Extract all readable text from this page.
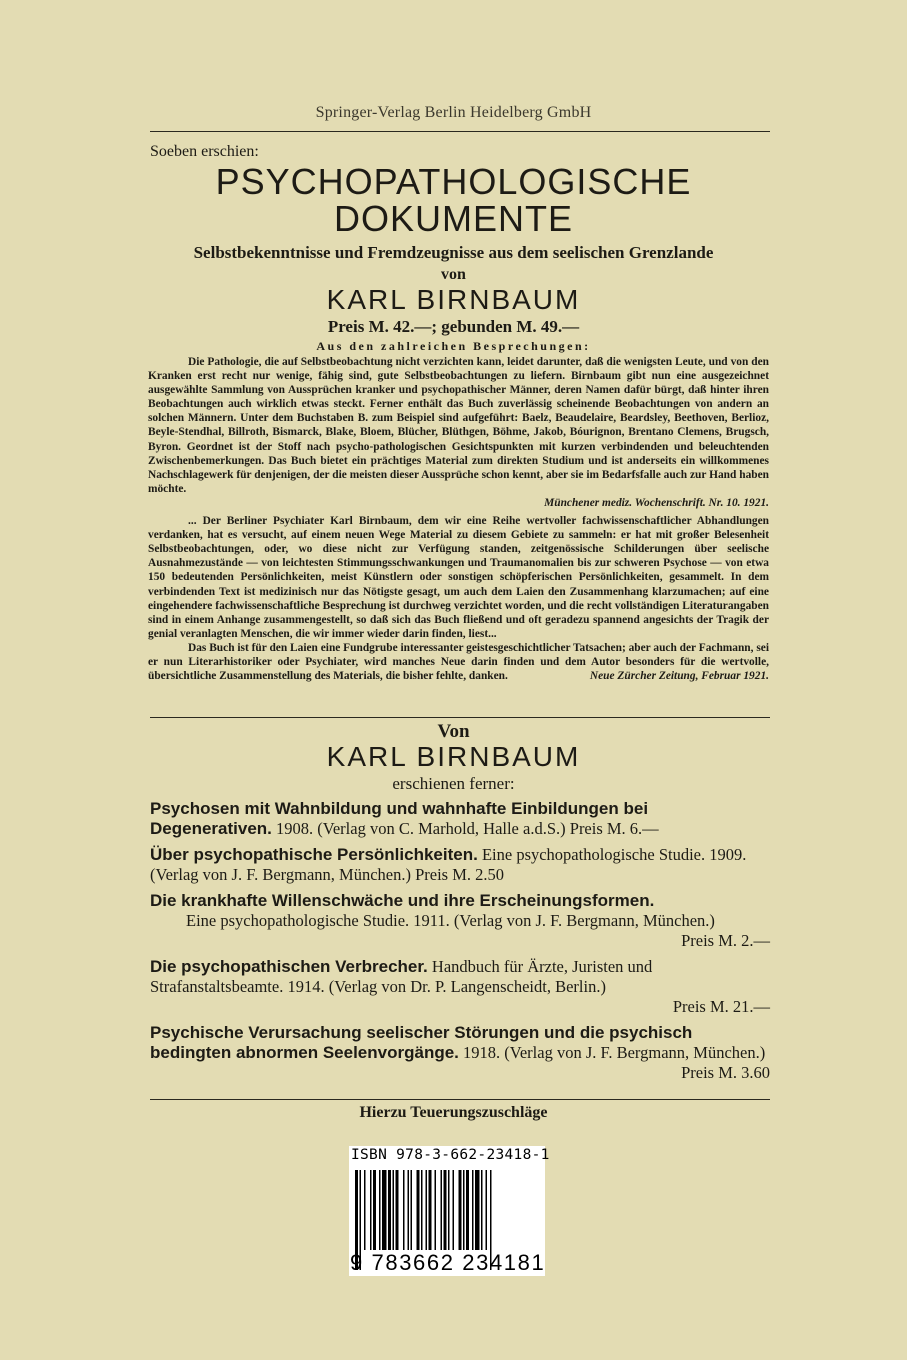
Springer-Verlag Berlin Heidelberg GmbH
Soeben erschien:
PSYCHOPATHOLOGISCHE
DOKUMENTE
Selbstbekenntnisse und Fremdzeugnisse aus dem seelischen Grenzlande
von
KARL BIRNBAUM
Preis M. 42.—; gebunden M. 49.—
Aus den zahlreichen Besprechungen:

Die Pathologie, die auf Selbstbeobachtung nicht verzichten kann, leidet darunter, daß die wenigsten Leute, und von den Kranken erst recht nur wenige, fähig sind, gute Selbstbeobachtungen zu liefern. Birnbaum gibt nun eine ausgezeichnet ausgewählte Sammlung von Aussprüchen kranker und psychopathischer Männer, deren Namen dafür bürgt, daß hinter ihren Beobachtungen auch wirklich etwas steckt. Ferner enthält das Buch zuverlässig scheinende Beobachtungen von andern an solchen Männern. Unter dem Buchstaben B. zum Beispiel sind aufgeführt: Baelz, Beaudelaire, Beardsley, Beethoven, Berlioz, Beyle-Stendhal, Billroth, Bismarck, Blake, Bloem, Blücher, Blüthgen, Böhme, Jakob, Bóurignon, Brentano Clemens, Brugsch, Byron. Geordnet ist der Stoff nach psycho-pathologischen Gesichtspunkten mit kurzen verbindenden und beleuchtenden Zwischenbemerkungen. Das Buch bietet ein prächtiges Material zum direkten Studium und ist anderseits ein willkommenes Nachschlagewerk für denjenigen, der die meisten dieser Aussprüche schon kennt, aber sie im Bedarfsfalle auch zur Hand haben möchte.

Münchener mediz. Wochenschrift. Nr. 10. 1921.

... Der Berliner Psychiater Karl Birnbaum, dem wir eine Reihe wertvoller fachwissenschaftlicher Abhandlungen verdanken, hat es versucht, auf einem neuen Wege Material zu diesem Gebiete zu sammeln: er hat mit großer Belesenheit Selbstbeobachtungen, oder, wo diese nicht zur Verfügung standen, zeitgenössische Schilderungen über seelische Ausnahmezustände — von leichtesten Stimmungsschwankungen und Traumanomalien bis zur schweren Psychose — von etwa 150 bedeutenden Persönlichkeiten, meist Künstlern oder sonstigen schöpferischen Persönlichkeiten, gesammelt. In dem verbindenden Text ist medizinisch nur das Nötigste gesagt, um auch dem Laien den Zusammenhang klarzumachen; auf eine eingehendere fachwissenschaftliche Besprechung ist durchweg verzichtet worden, und die recht vollständigen Literaturangaben sind in einem Anhange zusammengestellt, so daß sich das Buch fließend und oft geradezu spannend angesichts der Tragik der genial veranlagten Menschen, die wir immer wieder darin finden, liest...

Das Buch ist für den Laien eine Fundgrube interessanter geistesgeschichtlicher Tatsachen; aber auch der Fachmann, sei er nun Literarhistoriker oder Psychiater, wird manches Neue darin finden und dem Autor besonders für die wertvolle, übersichtliche Zusammenstellung des Materials, die bisher fehlte, danken.	Neue Zürcher Zeitung, Februar 1921.
Von
KARL BIRNBAUM
erschienen ferner:
Psychosen mit Wahnbildung und wahnhafte Einbildungen bei Degenerativen. 1908. (Verlag von C. Marhold, Halle a.d.S.) Preis M. 6.—
Über psychopathische Persönlichkeiten. Eine psychopathologische Studie. 1909. (Verlag von J. F. Bergmann, München.) Preis M. 2.50
Die krankhafte Willenschwäche und ihre Erscheinungsformen.
Eine psychopathologische Studie. 1911. (Verlag von J. F. Bergmann, München.)
Preis M. 2.—
Die psychopathischen Verbrecher. Handbuch für Ärzte, Juristen und Strafanstaltsbeamte. 1914. (Verlag von Dr. P. Langenscheidt, Berlin.)
Preis M. 21.—
Psychische Verursachung seelischer Störungen und die psychisch bedingten abnormen Seelenvorgänge. 1918. (Verlag von J. F. Bergmann, München.)
Preis M. 3.60
Hierzu Teuerungszuschläge
ISBN 978-3-662-23418-1
9 783662 234181
